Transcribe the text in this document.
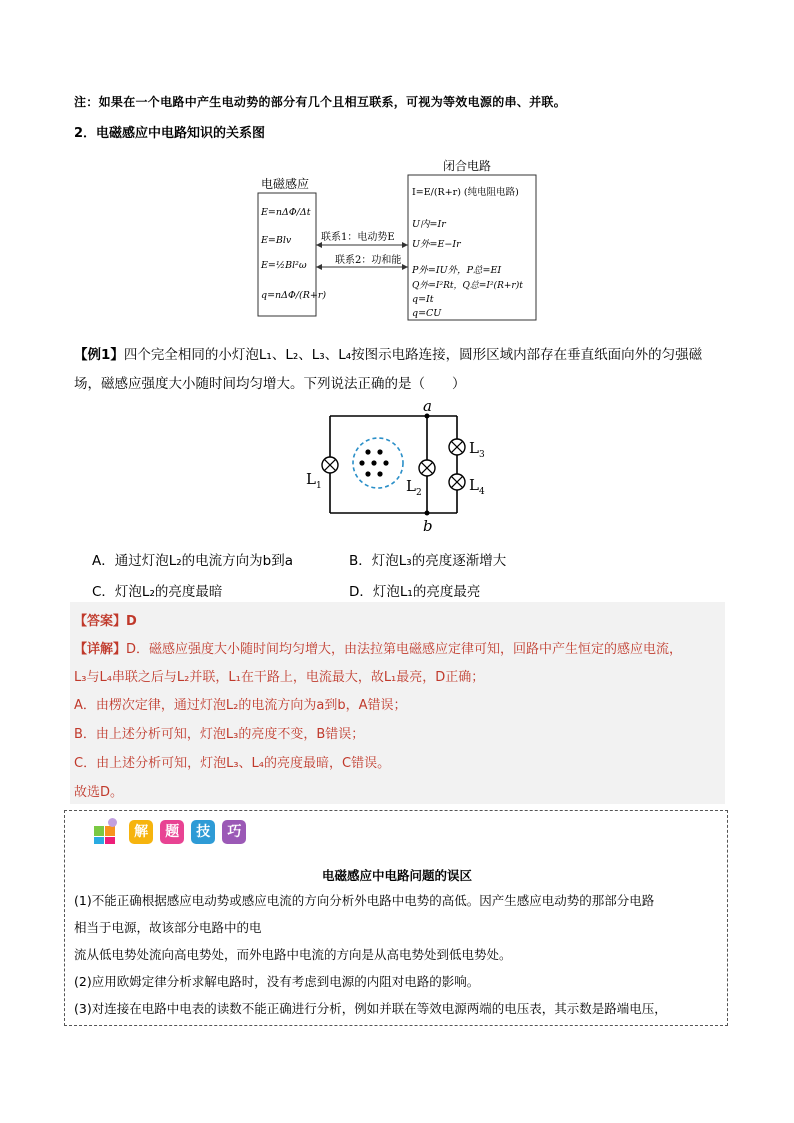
注：如果在一个电路中产生电动势的部分有几个且相互联系，可视为等效电源的串、并联。
2．电磁感应中电路知识的关系图
电磁感应
闭合电路
E=nΔΦ/Δt
E=Blv
E=½Bl²ω
q=nΔΦ/(R+r)
I=E/(R+r) (纯电阻电路)
U内=Ir
U外=E−Ir
P外=IU外，P总=EI
Q外=I²Rt，Q总=I²(R+r)t
q=It
q=CU
联系1：电动势E
联系2：功和能
【例1】四个完全相同的小灯泡L₁、L₂、L₃、L₄按图示电路连接，圆形区域内部存在垂直纸面向外的匀强磁
场，磁感应强度大小随时间均匀增大。下列说法正确的是（　　）
a
b
$L_1$	$L_2$
$L_3$
$L_4$
A．通过灯泡L₂的电流方向为b到a	B．灯泡L₃的亮度逐渐增大
C．灯泡L₂的亮度最暗	D．灯泡L₁的亮度最亮
【答案】D
【详解】D．磁感应强度大小随时间均匀增大，由法拉第电磁感应定律可知，回路中产生恒定的感应电流，
L₃与L₄串联之后与L₂并联，L₁在干路上，电流最大，故L₁最亮，D正确；
A．由楞次定律，通过灯泡L₂的电流方向为a到b，A错误；
B．由上述分析可知，灯泡L₃的亮度不变，B错误；
C．由上述分析可知，灯泡L₃、L₄的亮度最暗，C错误。
故选D。
解 题 技 巧
电磁感应中电路问题的误区
(1)不能正确根据感应电动势或感应电流的方向分析外电路中电势的高低。因产生感应电动势的那部分电路
相当于电源，故该部分电路中的电
流从低电势处流向高电势处，而外电路中电流的方向是从高电势处到低电势处。
(2)应用欧姆定律分析求解电路时，没有考虑到电源的内阻对电路的影响。
(3)对连接在电路中电表的读数不能正确进行分析，例如并联在等效电源两端的电压表，其示数是路端电压，
